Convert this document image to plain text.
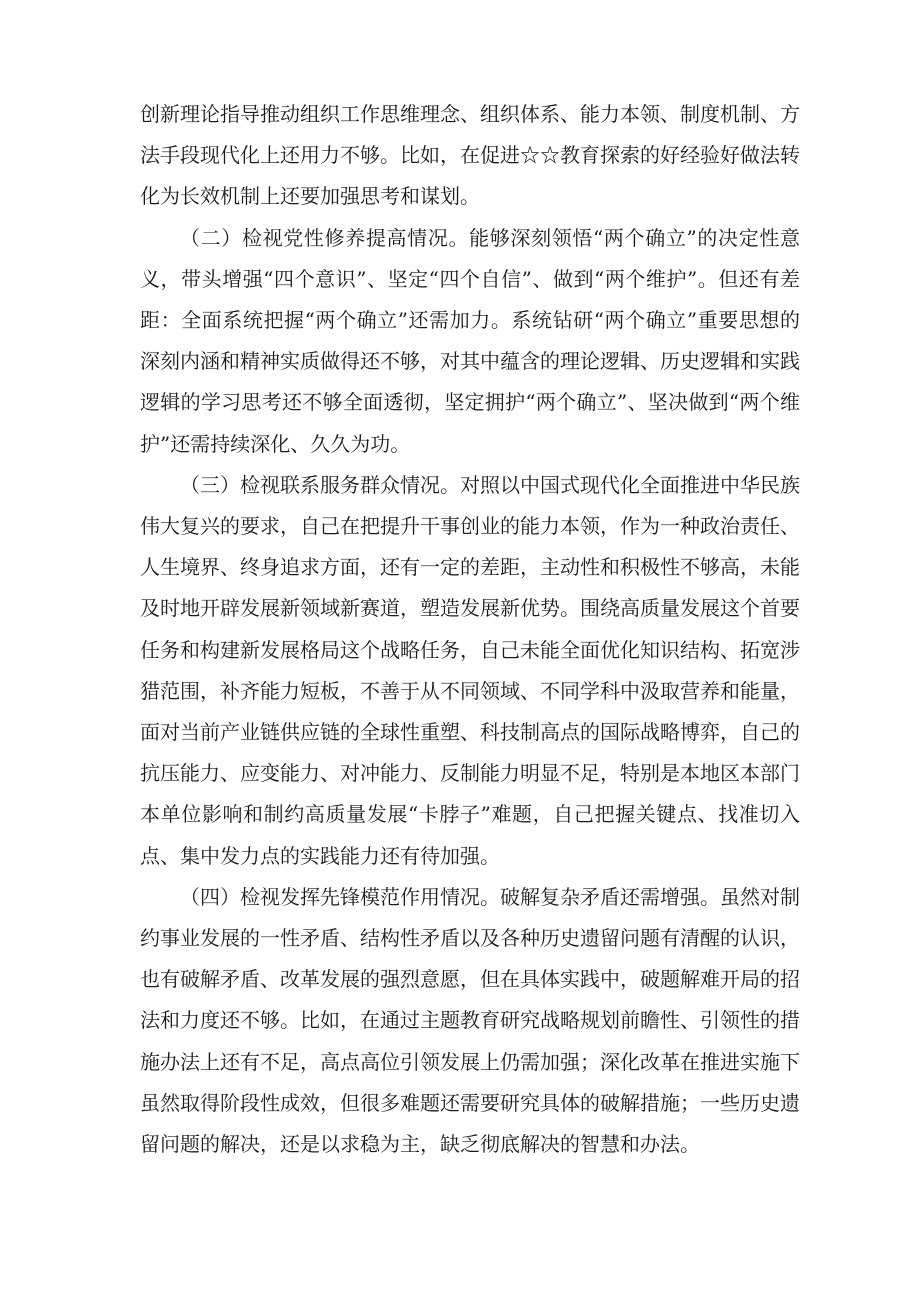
创新理论指导推动组织工作思维理念、组织体系、能力本领、制度机制、方法手段现代化上还用力不够。比如，在促进☆☆教育探索的好经验好做法转化为长效机制上还要加强思考和谋划。

（二）检视党性修养提高情况。能够深刻领悟“两个确立”的决定性意义，带头增强“四个意识”、坚定“四个自信”、做到“两个维护”。但还有差距：全面系统把握“两个确立”还需加力。系统钻研“两个确立”重要思想的深刻内涵和精神实质做得还不够，对其中蕴含的理论逻辑、历史逻辑和实践逻辑的学习思考还不够全面透彻，坚定拥护“两个确立”、坚决做到“两个维护”还需持续深化、久久为功。

（三）检视联系服务群众情况。对照以中国式现代化全面推进中华民族伟大复兴的要求，自己在把提升干事创业的能力本领，作为一种政治责任、人生境界、终身追求方面，还有一定的差距，主动性和积极性不够高，未能及时地开辟发展新领域新赛道，塑造发展新优势。围绕高质量发展这个首要任务和构建新发展格局这个战略任务，自己未能全面优化知识结构、拓宽涉猎范围，补齐能力短板，不善于从不同领域、不同学科中汲取营养和能量，面对当前产业链供应链的全球性重塑、科技制高点的国际战略博弈，自己的抗压能力、应变能力、对冲能力、反制能力明显不足，特别是本地区本部门本单位影响和制约高质量发展“卡脖子”难题，自己把握关键点、找准切入点、集中发力点的实践能力还有待加强。

（四）检视发挥先锋模范作用情况。破解复杂矛盾还需增强。虽然对制约事业发展的一性矛盾、结构性矛盾以及各种历史遗留问题有清醒的认识，也有破解矛盾、改革发展的强烈意愿，但在具体实践中，破题解难开局的招法和力度还不够。比如，在通过主题教育研究战略规划前瞻性、引领性的措施办法上还有不足，高点高位引领发展上仍需加强；深化改革在推进实施下虽然取得阶段性成效，但很多难题还需要研究具体的破解措施；一些历史遗留问题的解决，还是以求稳为主，缺乏彻底解决的智慧和办法。
